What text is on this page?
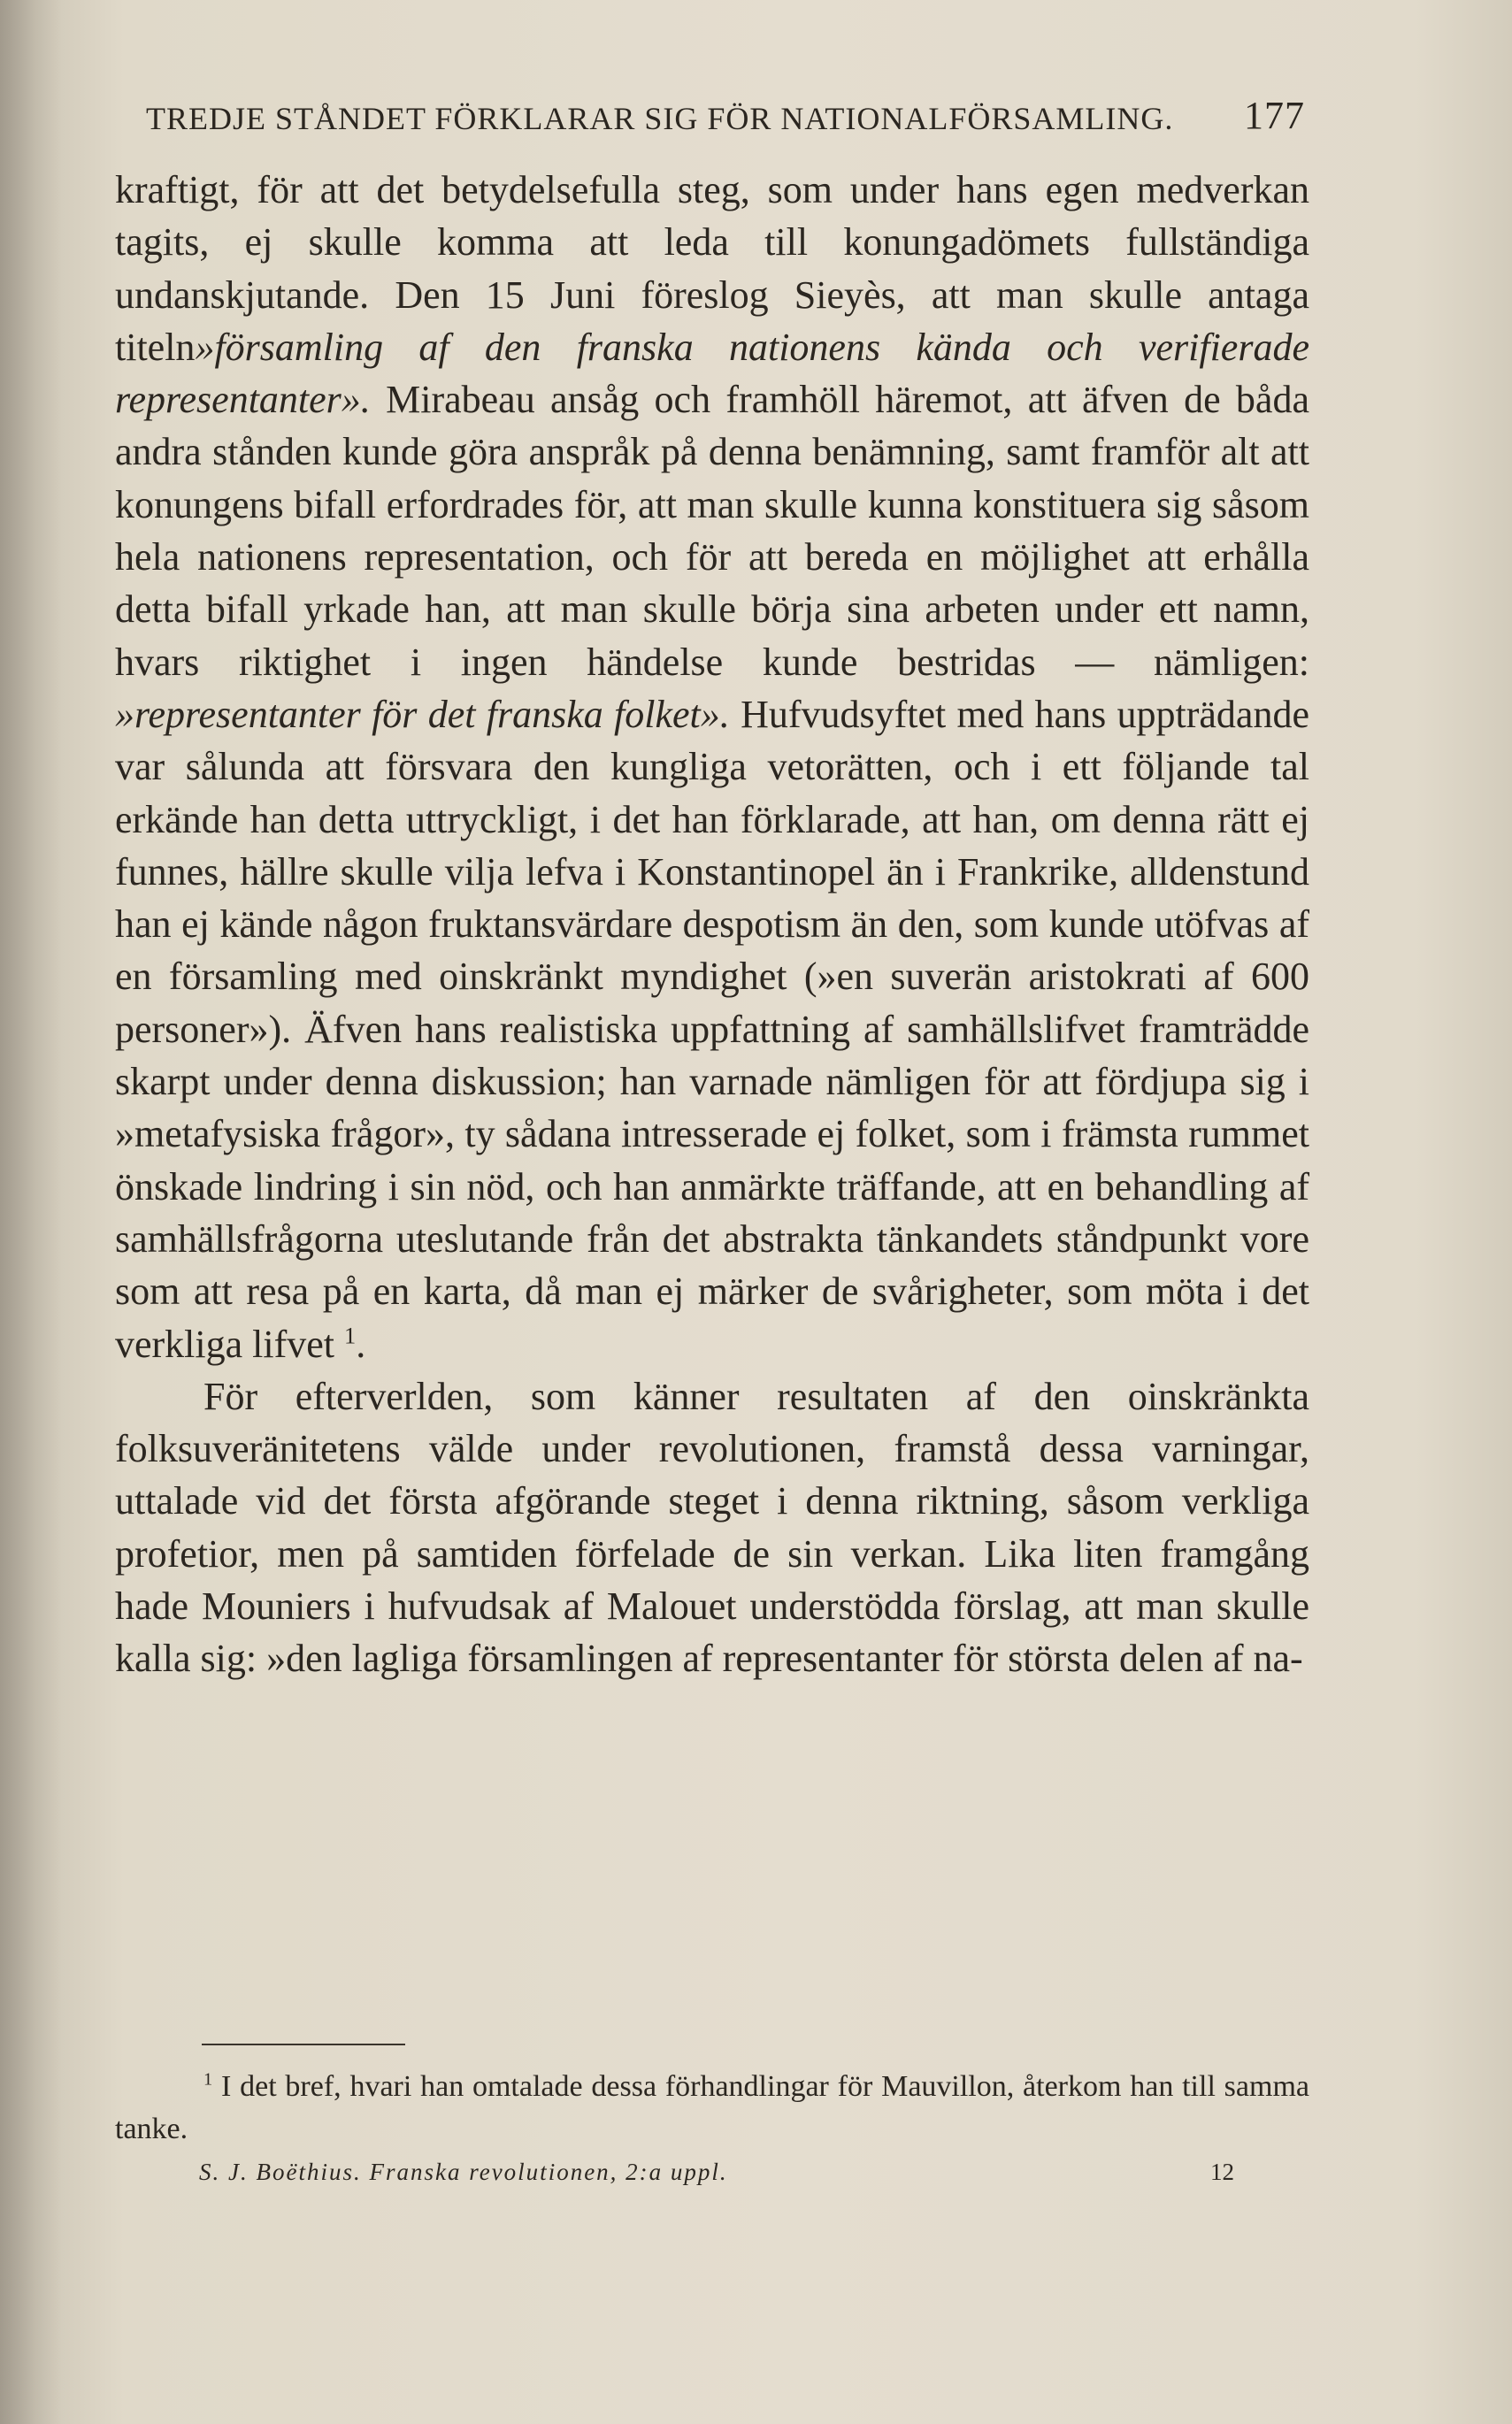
TREDJE STÅNDET FÖRKLARAR SIG FÖR NATIONALFÖRSAMLING. 177

kraftigt, för att det betydelsefulla steg, som under hans egen medverkan tagits, ej skulle komma att leda till konungadömets fullständiga undanskjutande. Den 15 Juni föreslog Sieyès, att man skulle antaga titeln»församling af den franska nationens kända och verifierade representanter». Mirabeau ansåg och framhöll häremot, att äfven de båda andra stånden kunde göra anspråk på denna benämning, samt framför alt att konungens bifall erfordrades för, att man skulle kunna konstituera sig såsom hela nationens representation, och för att bereda en möjlighet att erhålla detta bifall yrkade han, att man skulle börja sina arbeten under ett namn, hvars riktighet i ingen händelse kunde bestridas — nämligen: »representanter för det franska folket». Hufvudsyftet med hans uppträdande var sålunda att försvara den kungliga vetorätten, och i ett följande tal erkände han detta uttryckligt, i det han förklarade, att han, om denna rätt ej funnes, hällre skulle vilja lefva i Konstantinopel än i Frankrike, alldenstund han ej kände någon fruktansvärdare despotism än den, som kunde utöfvas af en församling med oinskränkt myndighet (»en suverän aristokrati af 600 personer»). Äfven hans realistiska uppfattning af samhällslifvet framträdde skarpt under denna diskussion; han varnade nämligen för att fördjupa sig i »metafysiska frågor», ty sådana intresserade ej folket, som i främsta rummet önskade lindring i sin nöd, och han anmärkte träffande, att en behandling af samhällsfrågorna uteslutande från det abstrakta tänkandets ståndpunkt vore som att resa på en karta, då man ej märker de svårigheter, som möta i det verkliga lifvet $^1$.

För efterverlden, som känner resultaten af den oinskränkta folksuveränitetens välde under revolutionen, framstå dessa varningar, uttalade vid det första afgörande steget i denna riktning, såsom verkliga profetior, men på samtiden förfelade de sin verkan. Lika liten framgång hade Mouniers i hufvudsak af Malouet understödda förslag, att man skulle kalla sig: »den lagliga församlingen af representanter för största delen af na-

$^1$ I det bref, hvari han omtalade dessa förhandlingar för Mauvillon, återkom han till samma tanke.

S. J. Boëthius. Franska revolutionen, 2:a uppl.	12
